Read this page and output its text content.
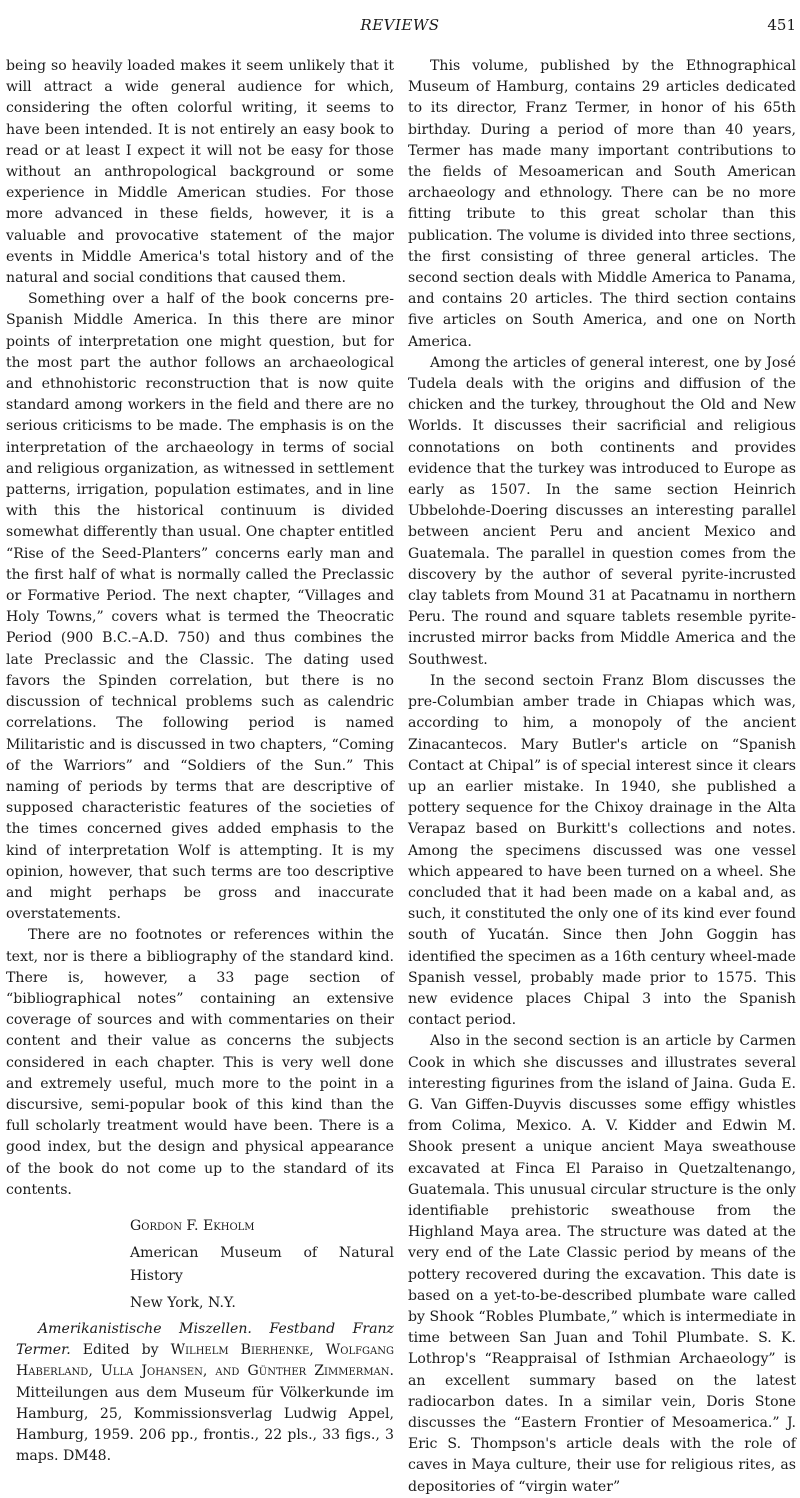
REVIEWS	451

being so heavily loaded makes it seem unlikely that it will attract a wide general audience for which, considering the often colorful writing, it seems to have been intended. It is not entirely an easy book to read or at least I expect it will not be easy for those without an anthropological background or some experience in Middle American studies. For those more advanced in these fields, however, it is a valuable and provocative statement of the major events in Middle America's total history and of the natural and social conditions that caused them.

Something over a half of the book concerns pre-Spanish Middle America. In this there are minor points of interpretation one might question, but for the most part the author follows an archaeological and ethnohistoric reconstruction that is now quite standard among workers in the field and there are no serious criticisms to be made. The emphasis is on the interpretation of the archaeology in terms of social and religious organization, as witnessed in settlement patterns, irrigation, population estimates, and in line with this the historical continuum is divided somewhat differently than usual. One chapter entitled “Rise of the Seed-Planters” concerns early man and the first half of what is normally called the Preclassic or Formative Period. The next chapter, “Villages and Holy Towns,” covers what is termed the Theocratic Period (900 B.C.–A.D. 750) and thus combines the late Preclassic and the Classic. The dating used favors the Spinden correlation, but there is no discussion of technical problems such as calendric correlations. The following period is named Militaristic and is discussed in two chapters, “Coming of the Warriors” and “Soldiers of the Sun.” This naming of periods by terms that are descriptive of supposed characteristic features of the societies of the times concerned gives added emphasis to the kind of interpretation Wolf is attempting. It is my opinion, however, that such terms are too descriptive and might perhaps be gross and inaccurate overstatements.

There are no footnotes or references within the text, nor is there a bibliography of the standard kind. There is, however, a 33 page section of “bibliographical notes” containing an extensive coverage of sources and with commentaries on their content and their value as concerns the subjects considered in each chapter. This is very well done and extremely useful, much more to the point in a discursive, semi-popular book of this kind than the full scholarly treatment would have been. There is a good index, but the design and physical appearance of the book do not come up to the standard of its contents.

Gordon F. Ekholm
American Museum of Natural History
New York, N.Y.

Amerikanistische Miszellen. Festband Franz Termer. Edited by Wilhelm Bierhenke, Wolfgang Haberland, Ulla Johansen, and Günther Zimmerman. Mitteilungen aus dem Museum für Völkerkunde im Hamburg, 25, Kommissionsverlag Ludwig Appel, Hamburg, 1959. 206 pp., frontis., 22 pls., 33 figs., 3 maps. DM48.

This volume, published by the Ethnographical Museum of Hamburg, contains 29 articles dedicated to its director, Franz Termer, in honor of his 65th birthday. During a period of more than 40 years, Termer has made many important contributions to the fields of Mesoamerican and South American archaeology and ethnology. There can be no more fitting tribute to this great scholar than this publication. The volume is divided into three sections, the first consisting of three general articles. The second section deals with Middle America to Panama, and contains 20 articles. The third section contains five articles on South America, and one on North America.

Among the articles of general interest, one by José Tudela deals with the origins and diffusion of the chicken and the turkey, throughout the Old and New Worlds. It discusses their sacrificial and religious connotations on both continents and provides evidence that the turkey was introduced to Europe as early as 1507. In the same section Heinrich Ubbelohde-Doering discusses an interesting parallel between ancient Peru and ancient Mexico and Guatemala. The parallel in question comes from the discovery by the author of several pyrite-incrusted clay tablets from Mound 31 at Pacatnamu in northern Peru. The round and square tablets resemble pyrite-incrusted mirror backs from Middle America and the Southwest.

In the second sectoin Franz Blom discusses the pre-Columbian amber trade in Chiapas which was, according to him, a monopoly of the ancient Zinacantecos. Mary Butler's article on “Spanish Contact at Chipal” is of special interest since it clears up an earlier mistake. In 1940, she published a pottery sequence for the Chixoy drainage in the Alta Verapaz based on Burkitt's collections and notes. Among the specimens discussed was one vessel which appeared to have been turned on a wheel. She concluded that it had been made on a kabal and, as such, it constituted the only one of its kind ever found south of Yucatán. Since then John Goggin has identified the specimen as a 16th century wheel-made Spanish vessel, probably made prior to 1575. This new evidence places Chipal 3 into the Spanish contact period.

Also in the second section is an article by Carmen Cook in which she discusses and illustrates several interesting figurines from the island of Jaina. Guda E. G. Van Giffen-Duyvis discusses some effigy whistles from Colima, Mexico. A. V. Kidder and Edwin M. Shook present a unique ancient Maya sweathouse excavated at Finca El Paraiso in Quetzaltenango, Guatemala. This unusual circular structure is the only identifiable prehistoric sweathouse from the Highland Maya area. The structure was dated at the very end of the Late Classic period by means of the pottery recovered during the excavation. This date is based on a yet-to-be-described plumbate ware called by Shook “Robles Plumbate,” which is intermediate in time between San Juan and Tohil Plumbate. S. K. Lothrop's “Reappraisal of Isthmian Archaeology” is an excellent summary based on the latest radiocarbon dates. In a similar vein, Doris Stone discusses the “Eastern Frontier of Mesoamerica.” J. Eric S. Thompson's article deals with the role of caves in Maya culture, their use for religious rites, as depositories of “virgin water”
